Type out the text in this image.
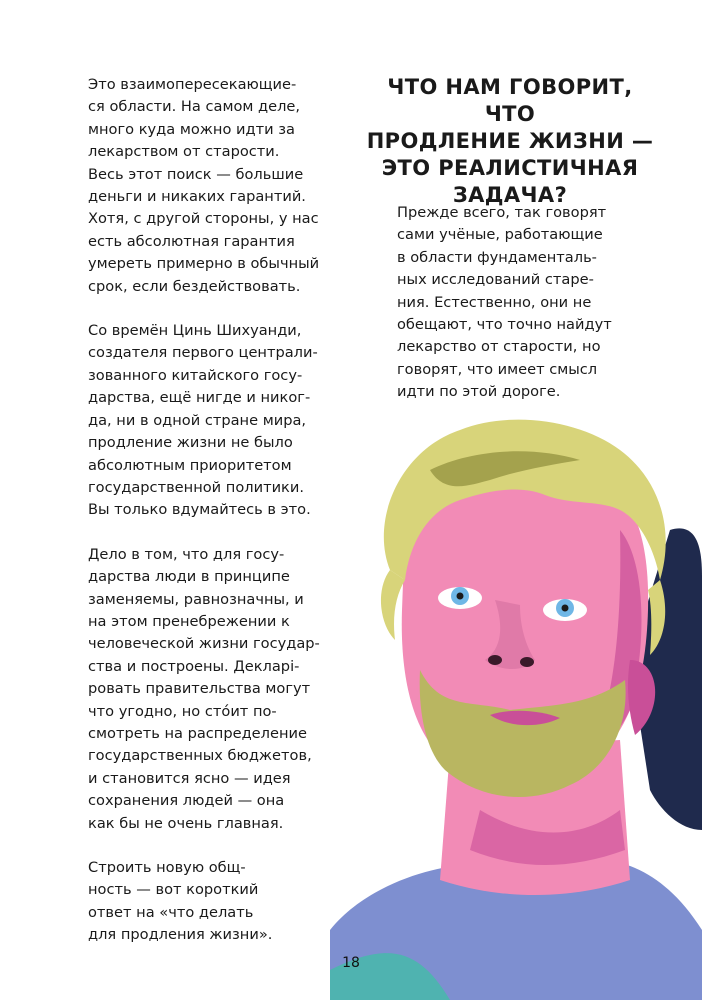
Это взаимопересекающие-
ся области. На самом деле,
много куда можно идти за
лекарством от старости.
Весь этот поиск — большие
деньги и никаких гарантий.
Хотя, с другой стороны, у нас
есть абсолютная гарантия
умереть примерно в обычный
срок, если бездействовать.

Со времён Цинь Шихуанди,
создателя первого централи-
зованного китайского госу-
дарства, ещё нигде и никог-
да, ни в одной стране мира,
продление жизни не было
абсолютным приоритетом
государственной политики.
Вы только вдумайтесь в это.

Дело в том, что для госу-
дарства люди в принципе
заменяемы, равнозначны, и
на этом пренебрежении к
человеческой жизни государ-
ства и построены. Декларі-
ровать правительства могут
что угодно, но сто́ит по-
смотреть на распределение
государственных бюджетов,
и становится ясно — идея
сохранения людей — она
как бы не очень главная.

Строить новую общ-
ность — вот короткий
ответ на «что делать
для продления жизни».

ЧТО НАМ ГОВОРИТ, ЧТО
ПРОДЛЕНИЕ ЖИЗНИ —
ЭТО РЕАЛИСТИЧНАЯ
ЗАДАЧА?

Прежде всего, так говорят
сами учёные, работающие
в области фундаменталь-
ных исследований старе-
ния. Естественно, они не
обещают, что точно найдут
лекарство от старости, но
говорят, что имеет смысл
идти по этой дороге.

18
